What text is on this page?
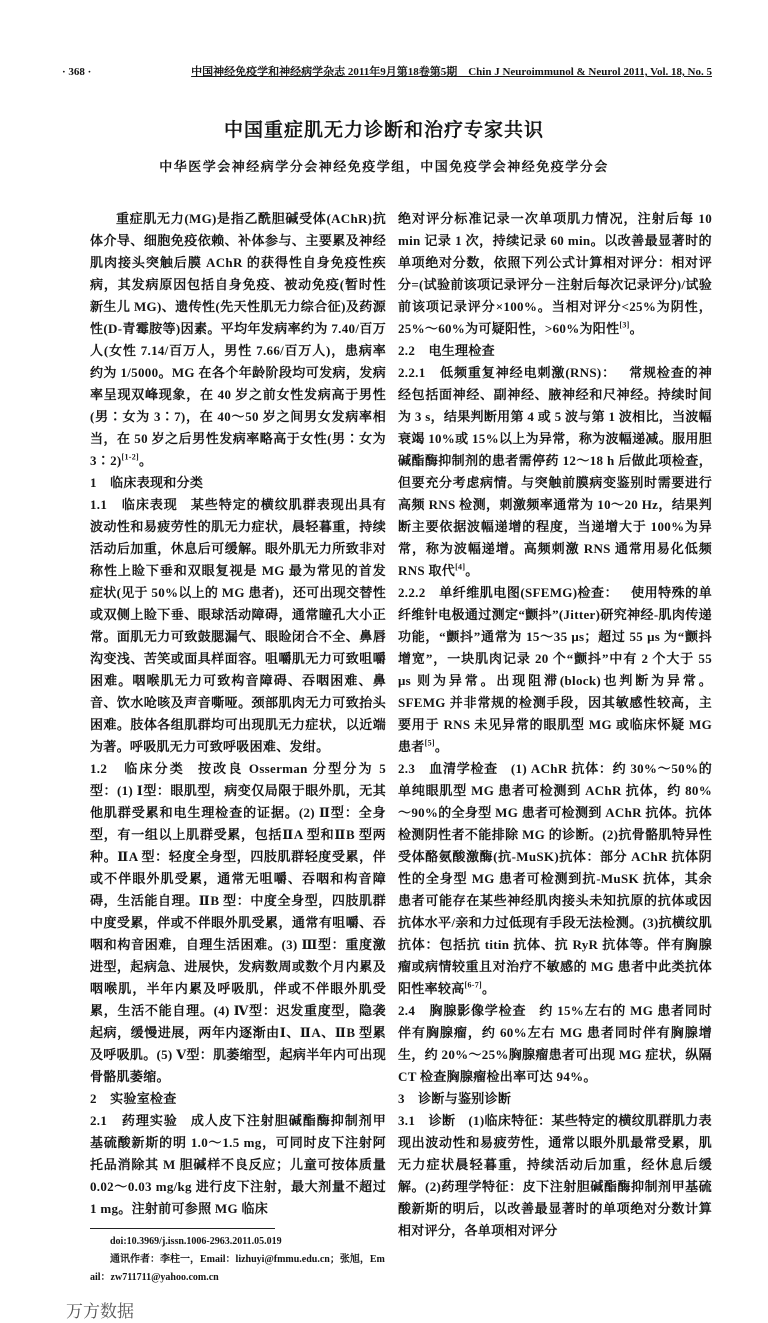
· 368 ·	中国神经免疫学和神经病学杂志 2011年9月第18卷第5期　Chin J Neuroimmunol & Neurol 2011, Vol. 18, No. 5
中国重症肌无力诊断和治疗专家共识
中华医学会神经病学分会神经免疫学组，中国免疫学会神经免疫学分会

重症肌无力(MG)是指乙酰胆碱受体(AChR)抗体介导、细胞免疫依赖、补体参与、主要累及神经肌肉接头突触后膜 AChR 的获得性自身免疫性疾病，其发病原因包括自身免疫、被动免疫(暂时性新生儿 MG)、遗传性(先天性肌无力综合征)及药源性(D-青霉胺等)因素。平均年发病率约为 7.40/百万人(女性 7.14/百万人，男性 7.66/百万人)，患病率约为 1/5000。MG 在各个年龄阶段均可发病，发病率呈现双峰现象，在 40 岁之前女性发病高于男性(男∶女为 3∶7)，在 40～50 岁之间男女发病率相当，在 50 岁之后男性发病率略高于女性(男∶女为 3∶2)[1-2]。

1　临床表现和分类

1.1　临床表现 某些特定的横纹肌群表现出具有波动性和易疲劳性的肌无力症状，晨轻暮重，持续活动后加重，休息后可缓解。眼外肌无力所致非对称性上睑下垂和双眼复视是 MG 最为常见的首发症状(见于 50%以上的 MG 患者)，还可出现交替性或双侧上睑下垂、眼球活动障碍，通常瞳孔大小正常。面肌无力可致鼓腮漏气、眼睑闭合不全、鼻唇沟变浅、苦笑或面具样面容。咀嚼肌无力可致咀嚼困难。咽喉肌无力可致构音障碍、吞咽困难、鼻音、饮水呛咳及声音嘶哑。颈部肌肉无力可致抬头困难。肢体各组肌群均可出现肌无力症状，以近端为著。呼吸肌无力可致呼吸困难、发绀。

1.2　临床分类 按改良 Osserman 分型分为 5 型：(1) Ⅰ型：眼肌型，病变仅局限于眼外肌，无其他肌群受累和电生理检查的证据。(2) Ⅱ型：全身型，有一组以上肌群受累，包括ⅡA 型和ⅡB 型两种。ⅡA 型：轻度全身型，四肢肌群轻度受累，伴或不伴眼外肌受累，通常无咀嚼、吞咽和构音障碍，生活能自理。ⅡB 型：中度全身型，四肢肌群中度受累，伴或不伴眼外肌受累，通常有咀嚼、吞咽和构音困难，自理生活困难。(3) Ⅲ型：重度激进型，起病急、进展快，发病数周或数个月内累及咽喉肌，半年内累及呼吸肌，伴或不伴眼外肌受累，生活不能自理。(4) Ⅳ型：迟发重度型，隐袭起病，缓慢进展，两年内逐渐由Ⅰ、ⅡA、ⅡB 型累及呼吸肌。(5) Ⅴ型：肌萎缩型，起病半年内可出现骨骼肌萎缩。

2　实验室检查

2.1　药理实验 成人皮下注射胆碱酯酶抑制剂甲基硫酸新斯的明 1.0～1.5 mg，可同时皮下注射阿托品消除其 M 胆碱样不良反应；儿童可按体质量 0.02～0.03 mg/kg 进行皮下注射，最大剂量不超过 1 mg。注射前可参照 MG 临床

doi:10.3969/j.issn.1006-2963.2011.05.019

通讯作者：李柱一，Email：lizhuyi@fmmu.edu.cn；张旭，Email：zw711711@yahoo.com.cn

万方数据

绝对评分标准记录一次单项肌力情况，注射后每 10 min 记录 1 次，持续记录 60 min。以改善最显著时的单项绝对分数，依照下列公式计算相对评分：相对评分=(试验前该项记录评分－注射后每次记录评分)/试验前该项记录评分×100%。当相对评分<25%为阴性，25%～60%为可疑阳性，>60%为阳性[3]。

2.2　电生理检查

2.2.1　低频重复神经电刺激(RNS)： 常规检查的神经包括面神经、副神经、腋神经和尺神经。持续时间为 3 s，结果判断用第 4 或 5 波与第 1 波相比，当波幅衰竭 10%或 15%以上为异常，称为波幅递减。服用胆碱酯酶抑制剂的患者需停药 12～18 h 后做此项检查，但要充分考虑病情。与突触前膜病变鉴别时需要进行高频 RNS 检测，刺激频率通常为 10～20 Hz，结果判断主要依据波幅递增的程度，当递增大于 100%为异常，称为波幅递增。高频刺激 RNS 通常用易化低频 RNS 取代[4]。

2.2.2　单纤维肌电图(SFEMG)检查： 使用特殊的单纤维针电极通过测定“颤抖”(Jitter)研究神经-肌肉传递功能，“颤抖”通常为 15～35 μs；超过 55 μs 为“颤抖增宽”，一块肌肉记录 20 个“颤抖”中有 2 个大于 55 μs 则为异常。出现阻滞(block)也判断为异常。SFEMG 并非常规的检测手段，因其敏感性较高，主要用于 RNS 未见异常的眼肌型 MG 或临床怀疑 MG 患者[5]。

2.3　血清学检查 (1) AChR 抗体：约 30%～50%的单纯眼肌型 MG 患者可检测到 AChR 抗体，约 80%～90%的全身型 MG 患者可检测到 AChR 抗体。抗体检测阴性者不能排除 MG 的诊断。(2)抗骨骼肌特异性受体酪氨酸激酶(抗-MuSK)抗体：部分 AChR 抗体阴性的全身型 MG 患者可检测到抗-MuSK 抗体，其余患者可能存在某些神经肌肉接头未知抗原的抗体或因抗体水平/亲和力过低现有手段无法检测。(3)抗横纹肌抗体：包括抗 titin 抗体、抗 RyR 抗体等。伴有胸腺瘤或病情较重且对治疗不敏感的 MG 患者中此类抗体阳性率较高[6-7]。

2.4　胸腺影像学检查 约 15%左右的 MG 患者同时伴有胸腺瘤，约 60%左右 MG 患者同时伴有胸腺增生，约 20%～25%胸腺瘤患者可出现 MG 症状，纵隔 CT 检查胸腺瘤检出率可达 94%。

3　诊断与鉴别诊断

3.1　诊断 (1)临床特征：某些特定的横纹肌群肌力表现出波动性和易疲劳性，通常以眼外肌最常受累，肌无力症状晨轻暮重，持续活动后加重，经休息后缓解。(2)药理学特征：皮下注射胆碱酯酶抑制剂甲基硫酸新斯的明后，以改善最显著时的单项绝对分数计算相对评分，各单项相对评分
